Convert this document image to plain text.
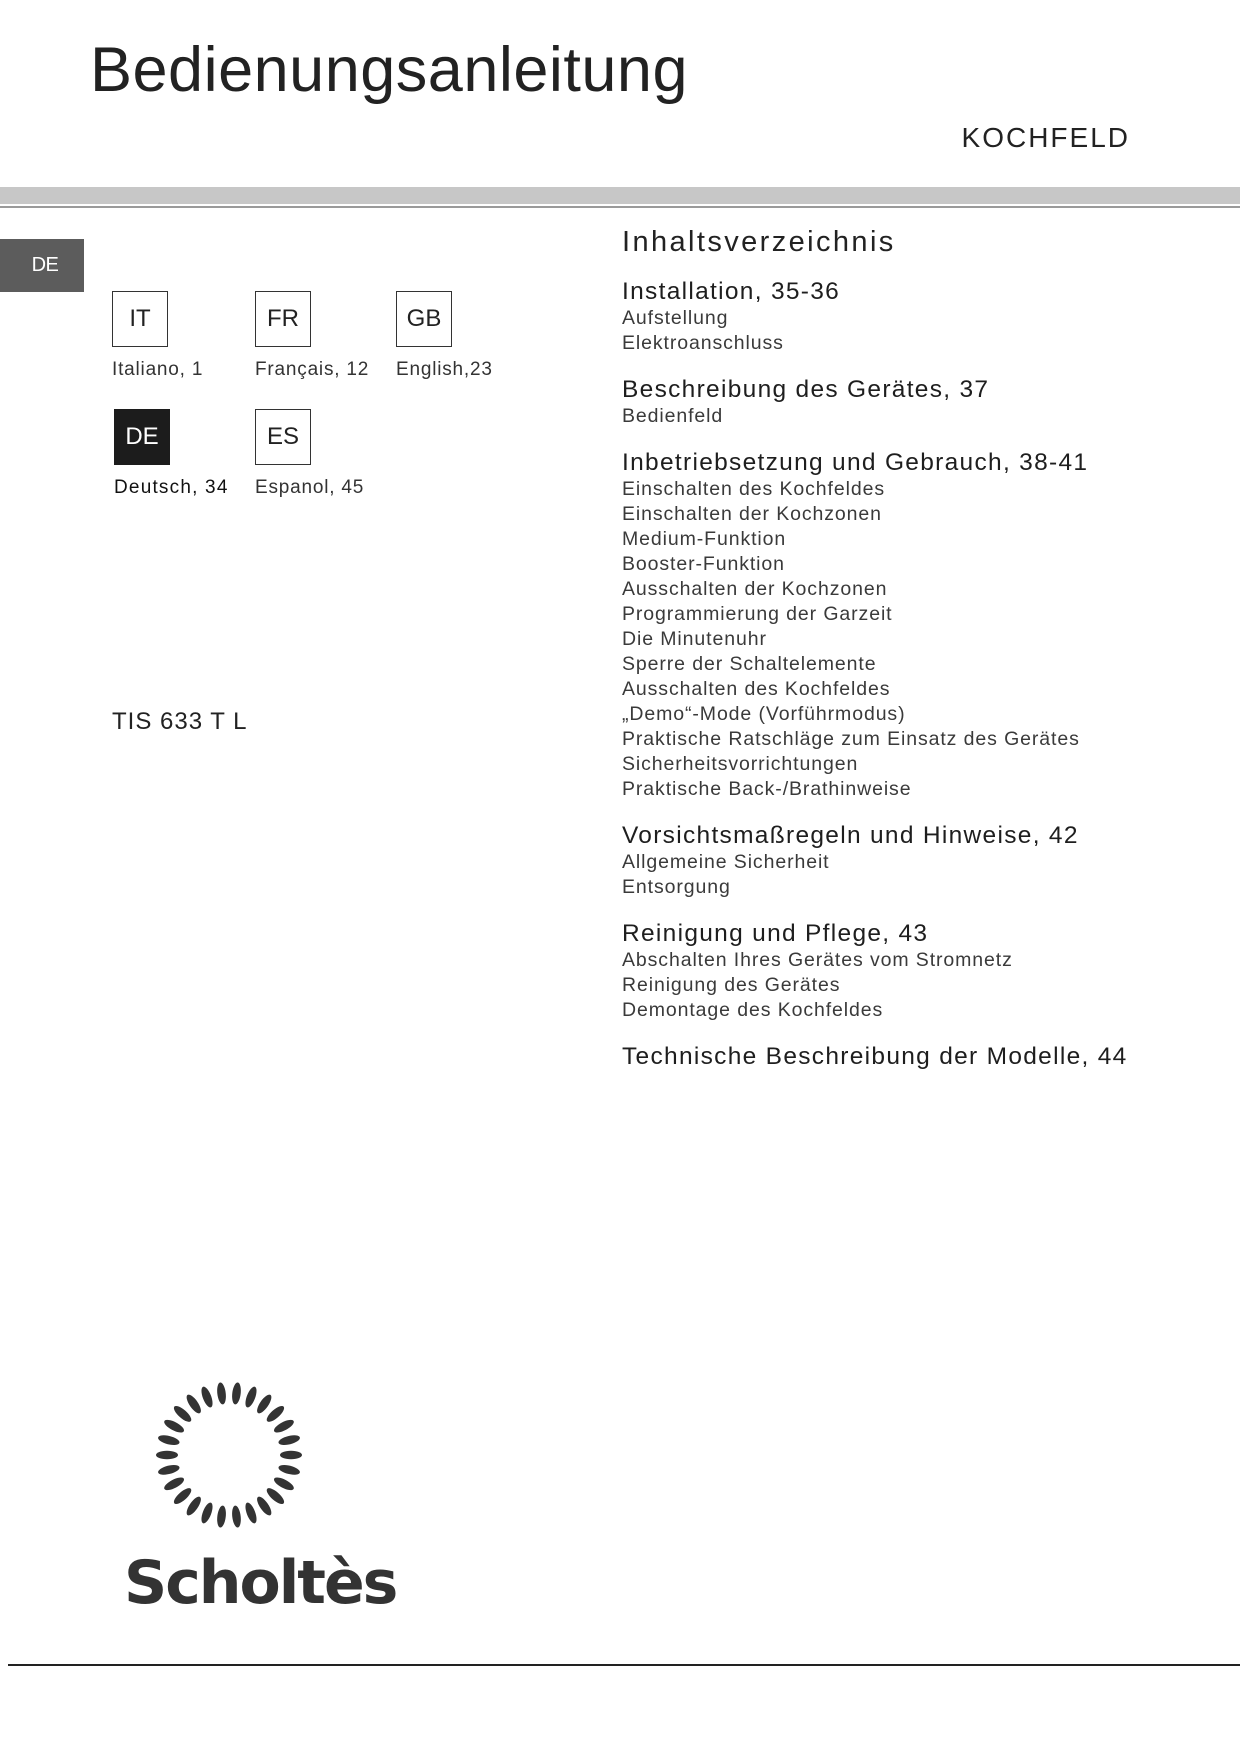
Bedienungsanleitung
KOCHFELD
DE
IT
Italiano, 1
FR
Français, 12
GB
English,23
DE
Deutsch, 34
ES
Espanol, 45
TIS 633 T L
Inhaltsverzeichnis
Installation, 35-36
Aufstellung
Elektroanschluss
Beschreibung des Gerätes, 37
Bedienfeld
Inbetriebsetzung und Gebrauch, 38-41
Einschalten des Kochfeldes
Einschalten der Kochzonen
Medium-Funktion
Booster-Funktion
Ausschalten der Kochzonen
Programmierung der Garzeit
Die Minutenuhr
Sperre der Schaltelemente
Ausschalten des Kochfeldes
„Demo“-Mode (Vorführmodus)
Praktische Ratschläge zum Einsatz des Gerätes
Sicherheitsvorrichtungen
Praktische Back-/Brathinweise
Vorsichtsmaßregeln und Hinweise, 42
Allgemeine Sicherheit
Entsorgung
Reinigung und Pflege, 43
Abschalten Ihres Gerätes vom Stromnetz
Reinigung des Gerätes
Demontage des Kochfeldes
Technische Beschreibung der Modelle, 44
Scholtès
